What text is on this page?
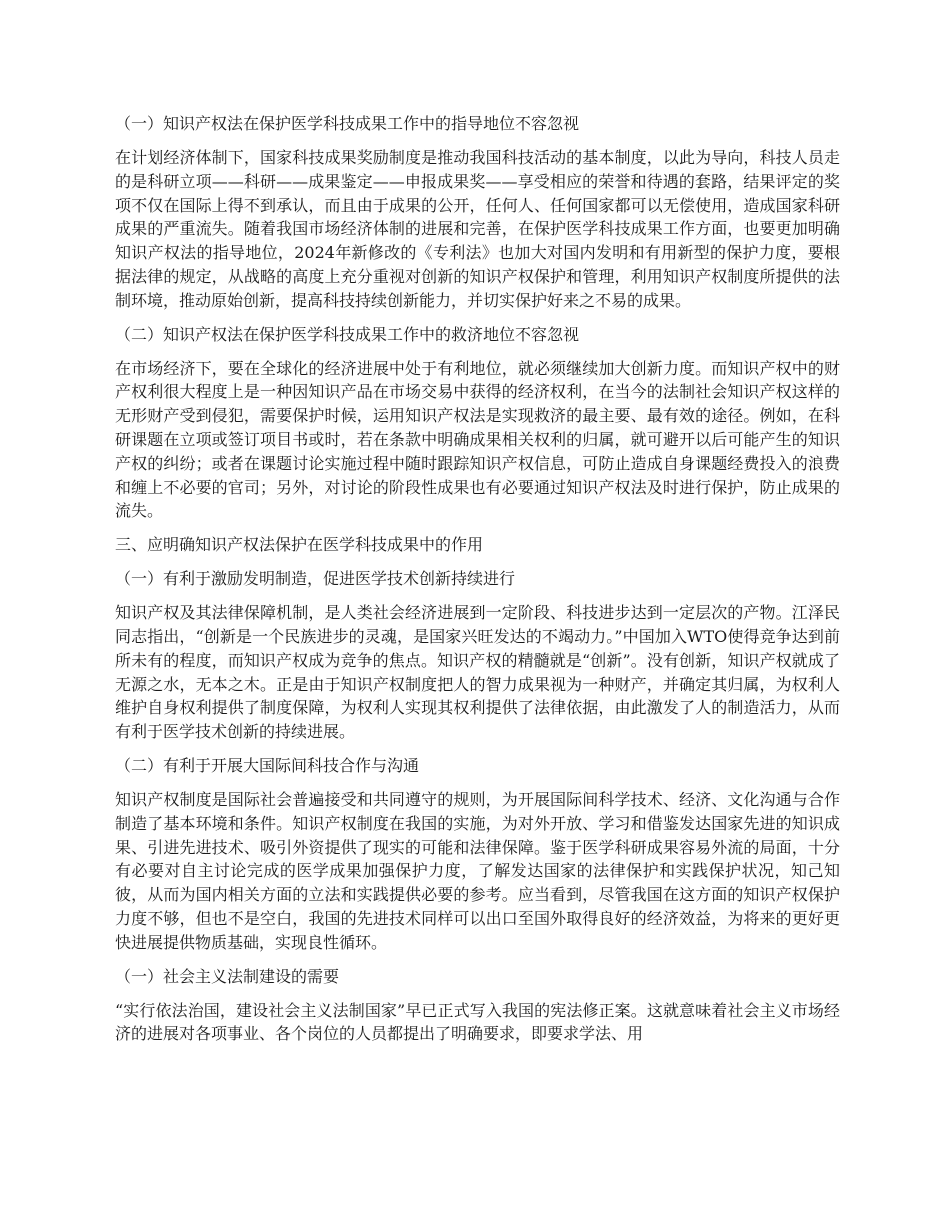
（一）知识产权法在保护医学科技成果工作中的指导地位不容忽视

在计划经济体制下，国家科技成果奖励制度是推动我国科技活动的基本制度，以此为导向，科技人员走的是科研立项——科研——成果鉴定——申报成果奖——享受相应的荣誉和待遇的套路，结果评定的奖项不仅在国际上得不到承认，而且由于成果的公开，任何人、任何国家都可以无偿使用，造成国家科研成果的严重流失。随着我国市场经济体制的进展和完善，在保护医学科技成果工作方面，也要更加明确知识产权法的指导地位，2024年新修改的《专利法》也加大对国内发明和有用新型的保护力度，要根据法律的规定，从战略的高度上充分重视对创新的知识产权保护和管理，利用知识产权制度所提供的法制环境，推动原始创新，提高科技持续创新能力，并切实保护好来之不易的成果。

（二）知识产权法在保护医学科技成果工作中的救济地位不容忽视

在市场经济下，要在全球化的经济进展中处于有利地位，就必须继续加大创新力度。而知识产权中的财产权利很大程度上是一种因知识产品在市场交易中获得的经济权利，在当今的法制社会知识产权这样的无形财产受到侵犯，需要保护时候，运用知识产权法是实现救济的最主要、最有效的途径。例如，在科研课题在立项或签订项目书或时，若在条款中明确成果相关权利的归属，就可避开以后可能产生的知识产权的纠纷；或者在课题讨论实施过程中随时跟踪知识产权信息，可防止造成自身课题经费投入的浪费和缠上不必要的官司；另外，对讨论的阶段性成果也有必要通过知识产权法及时进行保护，防止成果的流失。

三、应明确知识产权法保护在医学科技成果中的作用

（一）有利于激励发明制造，促进医学技术创新持续进行

知识产权及其法律保障机制，是人类社会经济进展到一定阶段、科技进步达到一定层次的产物。江泽民同志指出，“创新是一个民族进步的灵魂，是国家兴旺发达的不竭动力。”中国加入WTO使得竞争达到前所未有的程度，而知识产权成为竞争的焦点。知识产权的精髓就是“创新”。没有创新，知识产权就成了无源之水，无本之木。正是由于知识产权制度把人的智力成果视为一种财产，并确定其归属，为权利人维护自身权利提供了制度保障，为权利人实现其权利提供了法律依据，由此激发了人的制造活力，从而有利于医学技术创新的持续进展。

（二）有利于开展大国际间科技合作与沟通

知识产权制度是国际社会普遍接受和共同遵守的规则，为开展国际间科学技术、经济、文化沟通与合作制造了基本环境和条件。知识产权制度在我国的实施，为对外开放、学习和借鉴发达国家先进的知识成果、引进先进技术、吸引外资提供了现实的可能和法律保障。鉴于医学科研成果容易外流的局面，十分有必要对自主讨论完成的医学成果加强保护力度，了解发达国家的法律保护和实践保护状况，知己知彼，从而为国内相关方面的立法和实践提供必要的参考。应当看到，尽管我国在这方面的知识产权保护力度不够，但也不是空白，我国的先进技术同样可以出口至国外取得良好的经济效益，为将来的更好更快进展提供物质基础，实现良性循环。

（一）社会主义法制建设的需要

“实行依法治国，建设社会主义法制国家”早已正式写入我国的宪法修正案。这就意味着社会主义市场经济的进展对各项事业、各个岗位的人员都提出了明确要求，即要求学法、用
